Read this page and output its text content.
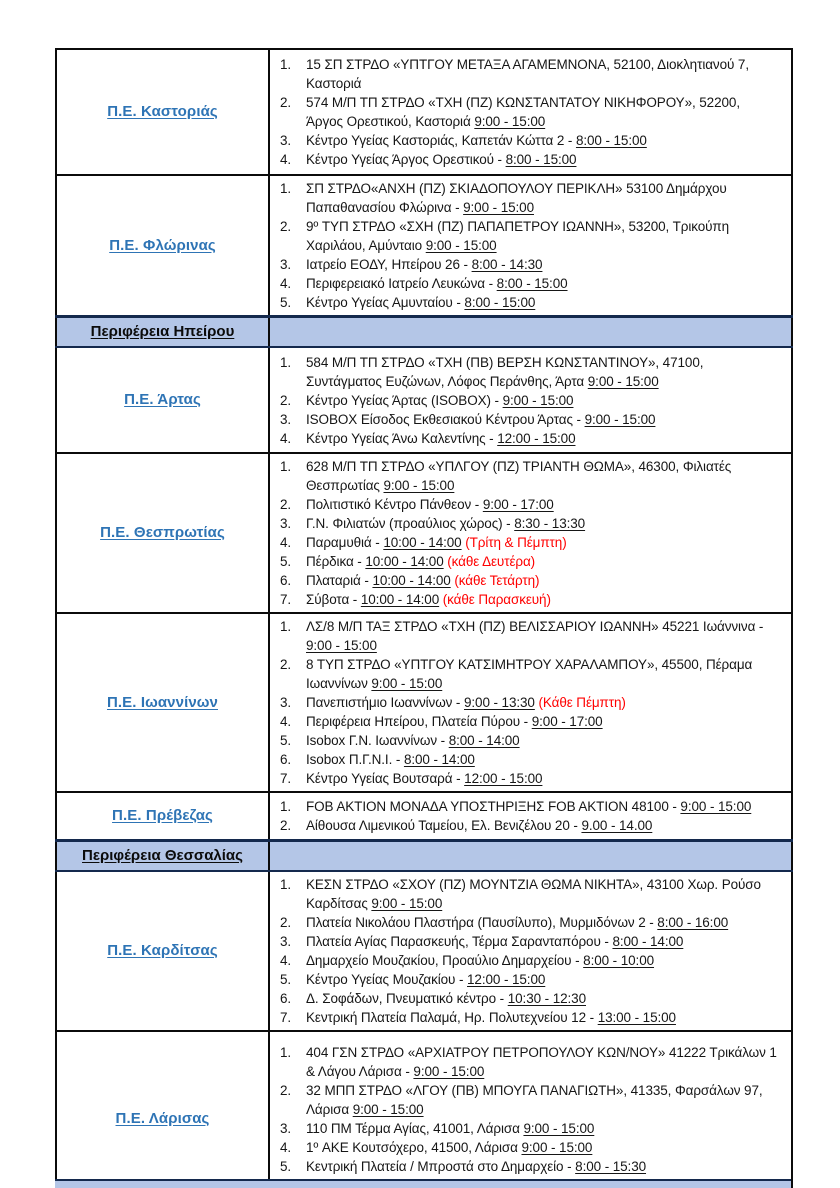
Π.Ε. Καστοριάς	
1.	15 ΣΠ ΣΤΡΔΟ «ΥΠΤΓΟΥ ΜΕΤΑΞΑ ΑΓΑΜΕΜΝΟΝΑ, 52100, Διοκλητιανού 7, Καστοριά
2.	574 Μ/Π ΤΠ ΣΤΡΔΟ «ΤΧΗ (ΠΖ) ΚΩΝΣΤΑΝΤΑΤΟΥ ΝΙΚΗΦΟΡΟΥ», 52200, Άργος Ορεστικού, Καστοριά 9:00 - 15:00
3.	Κέντρο Υγείας Καστοριάς, Καπετάν Κώττα 2 - 8:00 - 15:00
4.	Κέντρο Υγείας Άργος Ορεστικού - 8:00 - 15:00

Π.Ε. Φλώρινας	
1.	ΣΠ ΣΤΡΔΟ«ΑΝΧΗ (ΠΖ) ΣΚΙΑΔΟΠΟΥΛΟΥ ΠΕΡΙΚΛΗ» 53100 Δημάρχου Παπαθανασίου Φλώρινα - 9:00 - 15:00
2.	9º ΤΥΠ ΣΤΡΔΟ «ΣΧΗ (ΠΖ) ΠΑΠΑΠΕΤΡΟΥ ΙΩΑΝΝΗ», 53200, Τρικούπη Χαριλάου, Αμύνταιο 9:00 - 15:00
3.	Ιατρείο ΕΟΔΥ, Ηπείρου 26 - 8:00 - 14:30
4.	Περιφερειακό Ιατρείο Λευκώνα - 8:00 - 15:00
5.	Κέντρο Υγείας Αμυνταίου - 8:00 - 15:00

Περιφέρεια Ηπείρου	
Π.Ε. Άρτας	
1.	584 Μ/Π ΤΠ ΣΤΡΔΟ «ΤΧΗ (ΠΒ) ΒΕΡΣΗ ΚΩΝΣΤΑΝΤΙΝΟΥ», 47100, Συντάγματος Ευζώνων, Λόφος Περάνθης, Άρτα 9:00 - 15:00
2.	Κέντρο Υγείας Άρτας (ISOBOX) - 9:00 - 15:00
3.	ISOBOX Είσοδος Εκθεσιακού Κέντρου Άρτας - 9:00 - 15:00
4.	Κέντρο Υγείας Άνω Καλεντίνης - 12:00 - 15:00

Π.Ε. Θεσπρωτίας	
1.	628 Μ/Π ΤΠ ΣΤΡΔΟ «ΥΠΛΓΟΥ (ΠΖ) ΤΡΙΑΝΤΗ ΘΩΜΑ», 46300, Φιλιατές Θεσπρωτίας 9:00 - 15:00
2.	Πολιτιστικό Κέντρο Πάνθεον - 9:00 - 17:00
3.	Γ.Ν. Φιλιατών (προαύλιος χώρος) - 8:30 - 13:30
4.	Παραμυθιά - 10:00 - 14:00 (Τρίτη & Πέμπτη)
5.	Πέρδικα - 10:00 - 14:00 (κάθε Δευτέρα)
6.	Πλαταριά - 10:00 - 14:00 (κάθε Τετάρτη)
7.	Σύβοτα - 10:00 - 14:00 (κάθε Παρασκευή)

Π.Ε. Ιωαννίνων	
1.	ΛΣ/8 Μ/Π ΤΑΞ ΣΤΡΔΟ «ΤΧΗ (ΠΖ) ΒΕΛΙΣΣΑΡΙΟΥ ΙΩΑΝΝΗ» 45221 Ιωάννινα - 9:00 - 15:00
2.	8 ΤΥΠ ΣΤΡΔΟ «ΥΠΤΓΟΥ ΚΑΤΣΙΜΗΤΡΟΥ ΧΑΡΑΛΑΜΠΟΥ», 45500, Πέραμα Ιωαννίνων 9:00 - 15:00
3.	Πανεπιστήμιο Ιωαννίνων - 9:00 - 13:30 (Κάθε Πέμπτη)
4.	Περιφέρεια Ηπείρου, Πλατεία Πύρου - 9:00 - 17:00
5.	Isobox Γ.Ν. Ιωαννίνων - 8:00 - 14:00
6.	Isobox Π.Γ.Ν.Ι. - 8:00 - 14:00
7.	Κέντρο Υγείας Βουτσαρά - 12:00 - 15:00

Π.Ε. Πρέβεζας	1. FOB AKTION ΜΟΝΑΔΑ ΥΠΟΣΤΗΡΙΞΗΣ FOB AKTION 48100 - 9:00 - 15:00
2. Αίθουσα Λιμενικού Ταμείου, Ελ. Βενιζέλου 20 - 9.00 - 14.00

Περιφέρεια Θεσσαλίας	
Π.Ε. Καρδίτσας	
1.	ΚΕΣΝ ΣΤΡΔΟ «ΣΧΟΥ (ΠΖ) ΜΟΥΝΤΖΙΑ ΘΩΜΑ ΝΙΚΗΤΑ», 43100 Χωρ. Ρούσο Καρδίτσας 9:00 - 15:00
2.	Πλατεία Νικολάου Πλαστήρα (Παυσίλυπο), Μυρμιδόνων 2 - 8:00 - 16:00
3.	Πλατεία Αγίας Παρασκευής, Τέρμα Σαρανταπόρου - 8:00 - 14:00
4.	Δημαρχείο Μουζακίου, Προαύλιο Δημαρχείου - 8:00 - 10:00
5.	Κέντρο Υγείας Μουζακίου - 12:00 - 15:00
6.	Δ. Σοφάδων, Πνευματικό κέντρο - 10:30 - 12:30
7.	Κεντρική Πλατεία Παλαμά, Ηρ. Πολυτεχνείου 12 - 13:00 - 15:00

Π.Ε. Λάρισας	
1.	404 ΓΣΝ ΣΤΡΔΟ «ΑΡΧΙΑΤΡΟΥ ΠΕΤΡΟΠΟΥΛΟΥ ΚΩΝ/ΝΟΥ» 41222 Τρικάλων 1 & Λάγου Λάρισα - 9:00 - 15:00
2.	32 ΜΠΠ ΣΤΡΔΟ «ΛΓΟΥ (ΠΒ) ΜΠΟΥΓΑ ΠΑΝΑΓΙΩΤΗ», 41335, Φαρσάλων 97, Λάρισα 9:00 - 15:00
3.	110 ΠΜ Τέρμα Αγίας, 41001, Λάρισα 9:00 - 15:00
4.	1º ΑΚΕ Κουτσόχερο, 41500, Λάρισα 9:00 - 15:00
5.	Κεντρική Πλατεία / Μπροστά στο Δημαρχείο - 8:00 - 15:30
